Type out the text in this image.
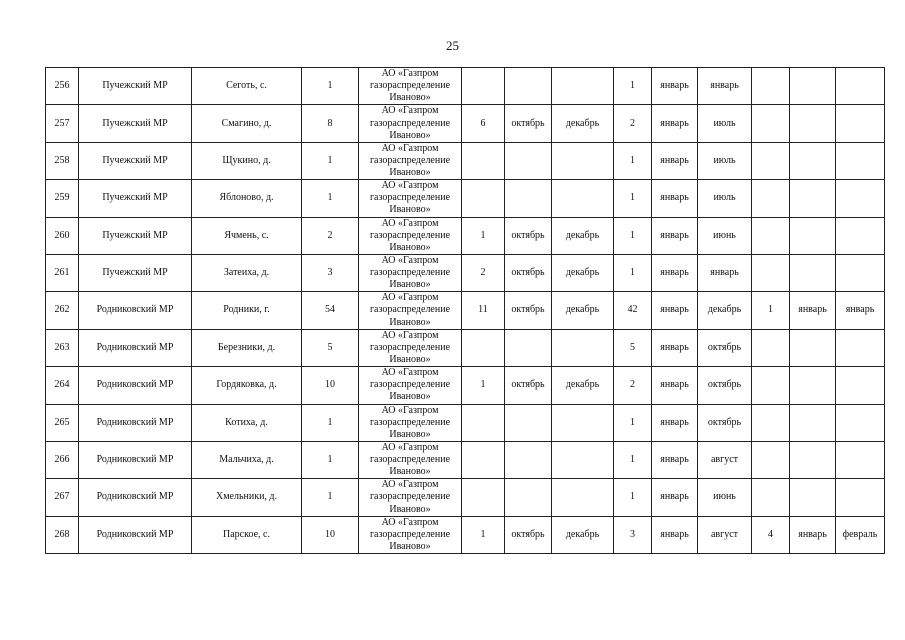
25
256	Пучежский МР	Сеготь, с.	1	АО «Газпром газораспределение Иваново»				1	январь	январь			
257	Пучежский МР	Смагино, д.	8	АО «Газпром газораспределение Иваново»	6	октябрь	декабрь	2	январь	июль			
258	Пучежский МР	Щукино, д.	1	АО «Газпром газораспределение Иваново»				1	январь	июль			
259	Пучежский МР	Яблоново, д.	1	АО «Газпром газораспределение Иваново»				1	январь	июль			
260	Пучежский МР	Ячмень, с.	2	АО «Газпром газораспределение Иваново»	1	октябрь	декабрь	1	январь	июнь			
261	Пучежский МР	Затеиха, д.	3	АО «Газпром газораспределение Иваново»	2	октябрь	декабрь	1	январь	январь			
262	Родниковский МР	Родники, г.	54	АО «Газпром газораспределение Иваново»	11	октябрь	декабрь	42	январь	декабрь	1	январь	январь
263	Родниковский МР	Березники, д.	5	АО «Газпром газораспределение Иваново»				5	январь	октябрь			
264	Родниковский МР	Гордяковка, д.	10	АО «Газпром газораспределение Иваново»	1	октябрь	декабрь	2	январь	октябрь			
265	Родниковский МР	Котиха, д.	1	АО «Газпром газораспределение Иваново»				1	январь	октябрь			
266	Родниковский МР	Мальчиха, д.	1	АО «Газпром газораспределение Иваново»				1	январь	август			
267	Родниковский МР	Хмельники, д.	1	АО «Газпром газораспределение Иваново»				1	январь	июнь			
268	Родниковский МР	Парское, с.	10	АО «Газпром газораспределение Иваново»	1	октябрь	декабрь	3	январь	август	4	январь	февраль
